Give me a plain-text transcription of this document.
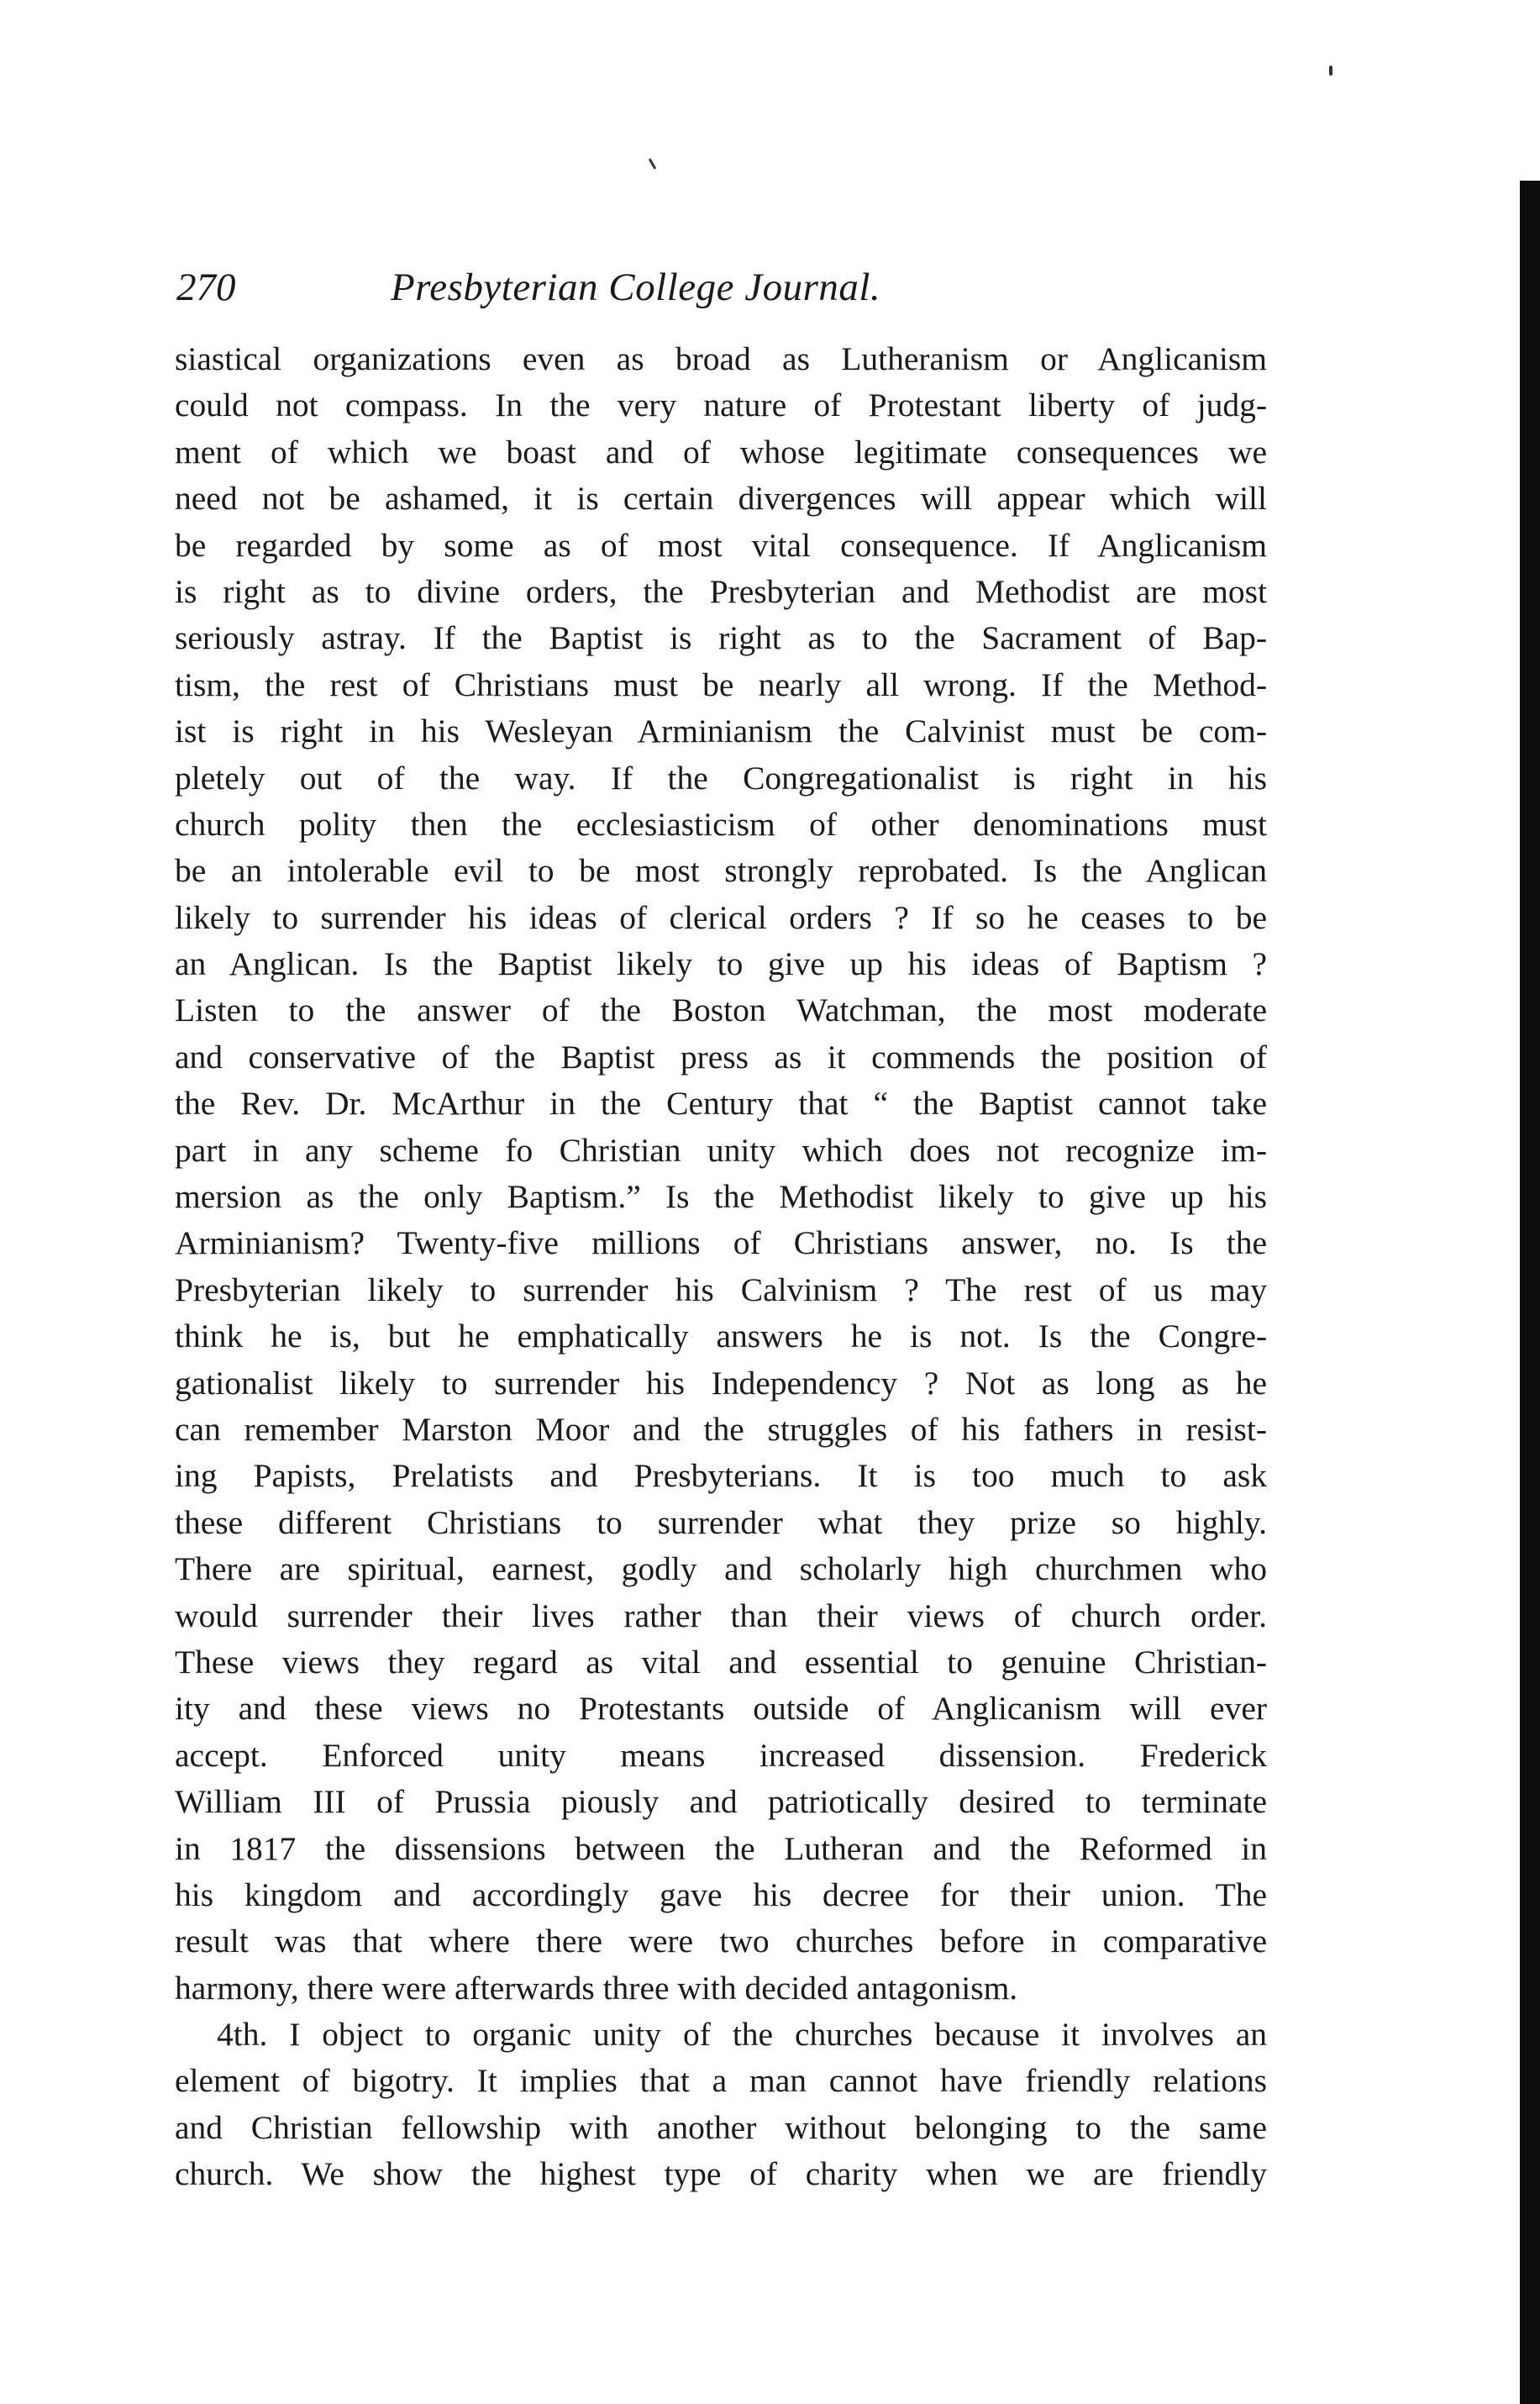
270	Presbyterian College Journal.
siastical organizations even as broad as Lutheranism or Anglicanism
could not compass. In the very nature of Protestant liberty of judg-
ment of which we boast and of whose legitimate consequences we
need not be ashamed, it is certain divergences will appear which will
be regarded by some as of most vital consequence. If Anglicanism
is right as to divine orders, the Presbyterian and Methodist are most
seriously astray. If the Baptist is right as to the Sacrament of Bap-
tism, the rest of Christians must be nearly all wrong. If the Method-
ist is right in his Wesleyan Arminianism the Calvinist must be com-
pletely out of the way. If the Congregationalist is right in his
church polity then the ecclesiasticism of other denominations must
be an intolerable evil to be most strongly reprobated. Is the Anglican
likely to surrender his ideas of clerical orders ? If so he ceases to be
an Anglican. Is the Baptist likely to give up his ideas of Baptism ?
Listen to the answer of the Boston Watchman, the most moderate
and conservative of the Baptist press as it commends the position of
the Rev. Dr. McArthur in the Century that “ the Baptist cannot take
part in any scheme fo Christian unity which does not recognize im-
mersion as the only Baptism.” Is the Methodist likely to give up his
Arminianism? Twenty-five millions of Christians answer, no. Is the
Presbyterian likely to surrender his Calvinism ? The rest of us may
think he is, but he emphatically answers he is not. Is the Congre-
gationalist likely to surrender his Independency ? Not as long as he
can remember Marston Moor and the struggles of his fathers in resist-
ing Papists, Prelatists and Presbyterians. It is too much to ask
these different Christians to surrender what they prize so highly.
There are spiritual, earnest, godly and scholarly high churchmen who
would surrender their lives rather than their views of church order.
These views they regard as vital and essential to genuine Christian-
ity and these views no Protestants outside of Anglicanism will ever
accept. Enforced unity means increased dissension. Frederick
William III of Prussia piously and patriotically desired to terminate
in 1817 the dissensions between the Lutheran and the Reformed in
his kingdom and accordingly gave his decree for their union. The
result was that where there were two churches before in comparative
harmony, there were afterwards three with decided antagonism.
4th. I object to organic unity of the churches because it involves an
element of bigotry. It implies that a man cannot have friendly relations
and Christian fellowship with another without belonging to the same
church. We show the highest type of charity when we are friendly
